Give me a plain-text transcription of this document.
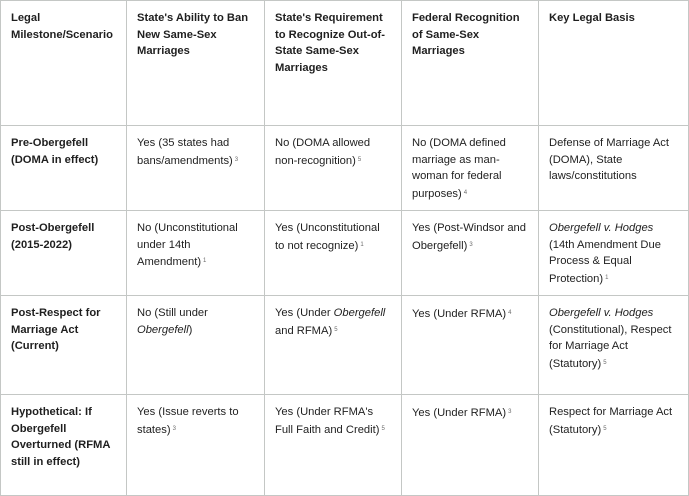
Legal Milestone/Scenario	State's Ability to Ban New Same-Sex Marriages	State's Requirement to Recognize Out-of-State Same-Sex Marriages	Federal Recognition of Same-Sex Marriages	Key Legal Basis
Pre-Obergefell (DOMA in effect)	Yes (35 states had bans/amendments) $^3$	No (DOMA allowed non-recognition) $^5$	No (DOMA defined marriage as man-woman for federal purposes) $^4$	Defense of Marriage Act (DOMA), State laws/constitutions
Post-Obergefell (2015-2022)	No (Unconstitutional under 14th Amendment) $^1$	Yes (Unconstitutional to not recognize) $^1$	Yes (Post-Windsor and Obergefell) $^3$	Obergefell v. Hodges (14th Amendment Due Process & Equal Protection) $^1$
Post-Respect for Marriage Act (Current)	No (Still under Obergefell)	Yes (Under Obergefell and RFMA) $^5$	Yes (Under RFMA) $^4$	Obergefell v. Hodges (Constitutional), Respect for Marriage Act (Statutory) $^5$
Hypothetical: If Obergefell Overturned (RFMA still in effect)	Yes (Issue reverts to states) $^3$	Yes (Under RFMA's Full Faith and Credit) $^5$	Yes (Under RFMA) $^3$	Respect for Marriage Act (Statutory) $^5$
